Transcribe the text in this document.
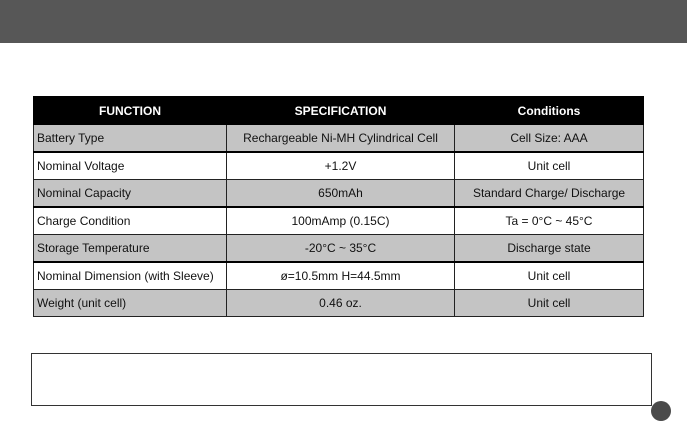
FUNCTION	SPECIFICATION	Conditions
Battery Type	Rechargeable Ni-MH Cylindrical Cell	Cell Size: AAA
Nominal Voltage	+1.2V	Unit cell
Nominal Capacity	650mAh	Standard Charge/ Discharge
Charge Condition	100mAmp (0.15C)	Ta = 0°C ~ 45°C
Storage Temperature	-20°C ~ 35°C	Discharge state
Nominal Dimension (with Sleeve)	ø=10.5mm H=44.5mm	Unit cell
Weight (unit cell)	0.46 oz.	Unit cell
